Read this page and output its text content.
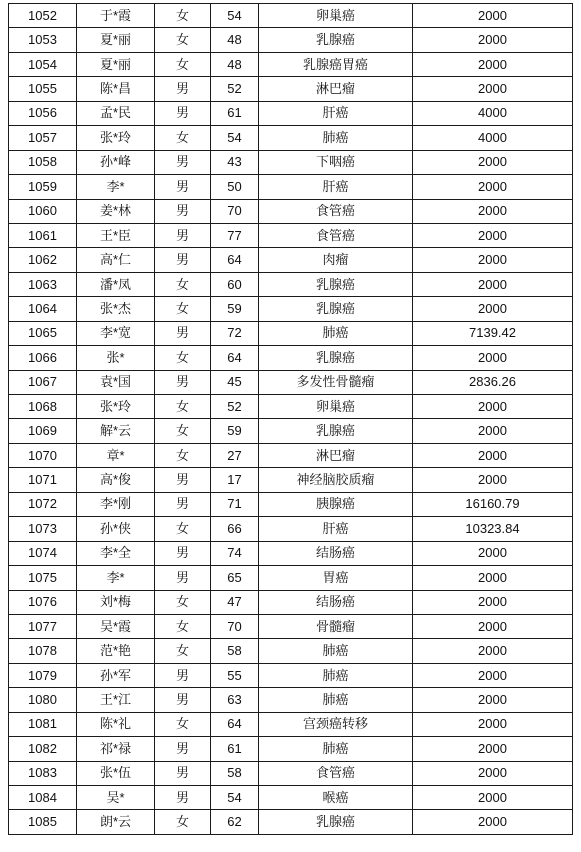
1052	于*霞	女	54	卵巢癌	2000
1053	夏*丽	女	48	乳腺癌	2000
1054	夏*丽	女	48	乳腺癌胃癌	2000
1055	陈*昌	男	52	淋巴瘤	2000
1056	孟*民	男	61	肝癌	4000
1057	张*玲	女	54	肺癌	4000
1058	孙*峰	男	43	下咽癌	2000
1059	李*	男	50	肝癌	2000
1060	姜*林	男	70	食管癌	2000
1061	王*臣	男	77	食管癌	2000
1062	高*仁	男	64	肉瘤	2000
1063	潘*凤	女	60	乳腺癌	2000
1064	张*杰	女	59	乳腺癌	2000
1065	李*宽	男	72	肺癌	7139.42
1066	张*	女	64	乳腺癌	2000
1067	袁*国	男	45	多发性骨髓瘤	2836.26
1068	张*玲	女	52	卵巢癌	2000
1069	解*云	女	59	乳腺癌	2000
1070	章*	女	27	淋巴瘤	2000
1071	高*俊	男	17	神经脑胶质瘤	2000
1072	李*刚	男	71	胰腺癌	16160.79
1073	孙*侠	女	66	肝癌	10323.84
1074	李*全	男	74	结肠癌	2000
1075	李*	男	65	胃癌	2000
1076	刘*梅	女	47	结肠癌	2000
1077	吴*霞	女	70	骨髓瘤	2000
1078	范*艳	女	58	肺癌	2000
1079	孙*军	男	55	肺癌	2000
1080	王*江	男	63	肺癌	2000
1081	陈*礼	女	64	宫颈癌转移	2000
1082	祁*禄	男	61	肺癌	2000
1083	张*伍	男	58	食管癌	2000
1084	吴*	男	54	喉癌	2000
1085	朗*云	女	62	乳腺癌	2000
